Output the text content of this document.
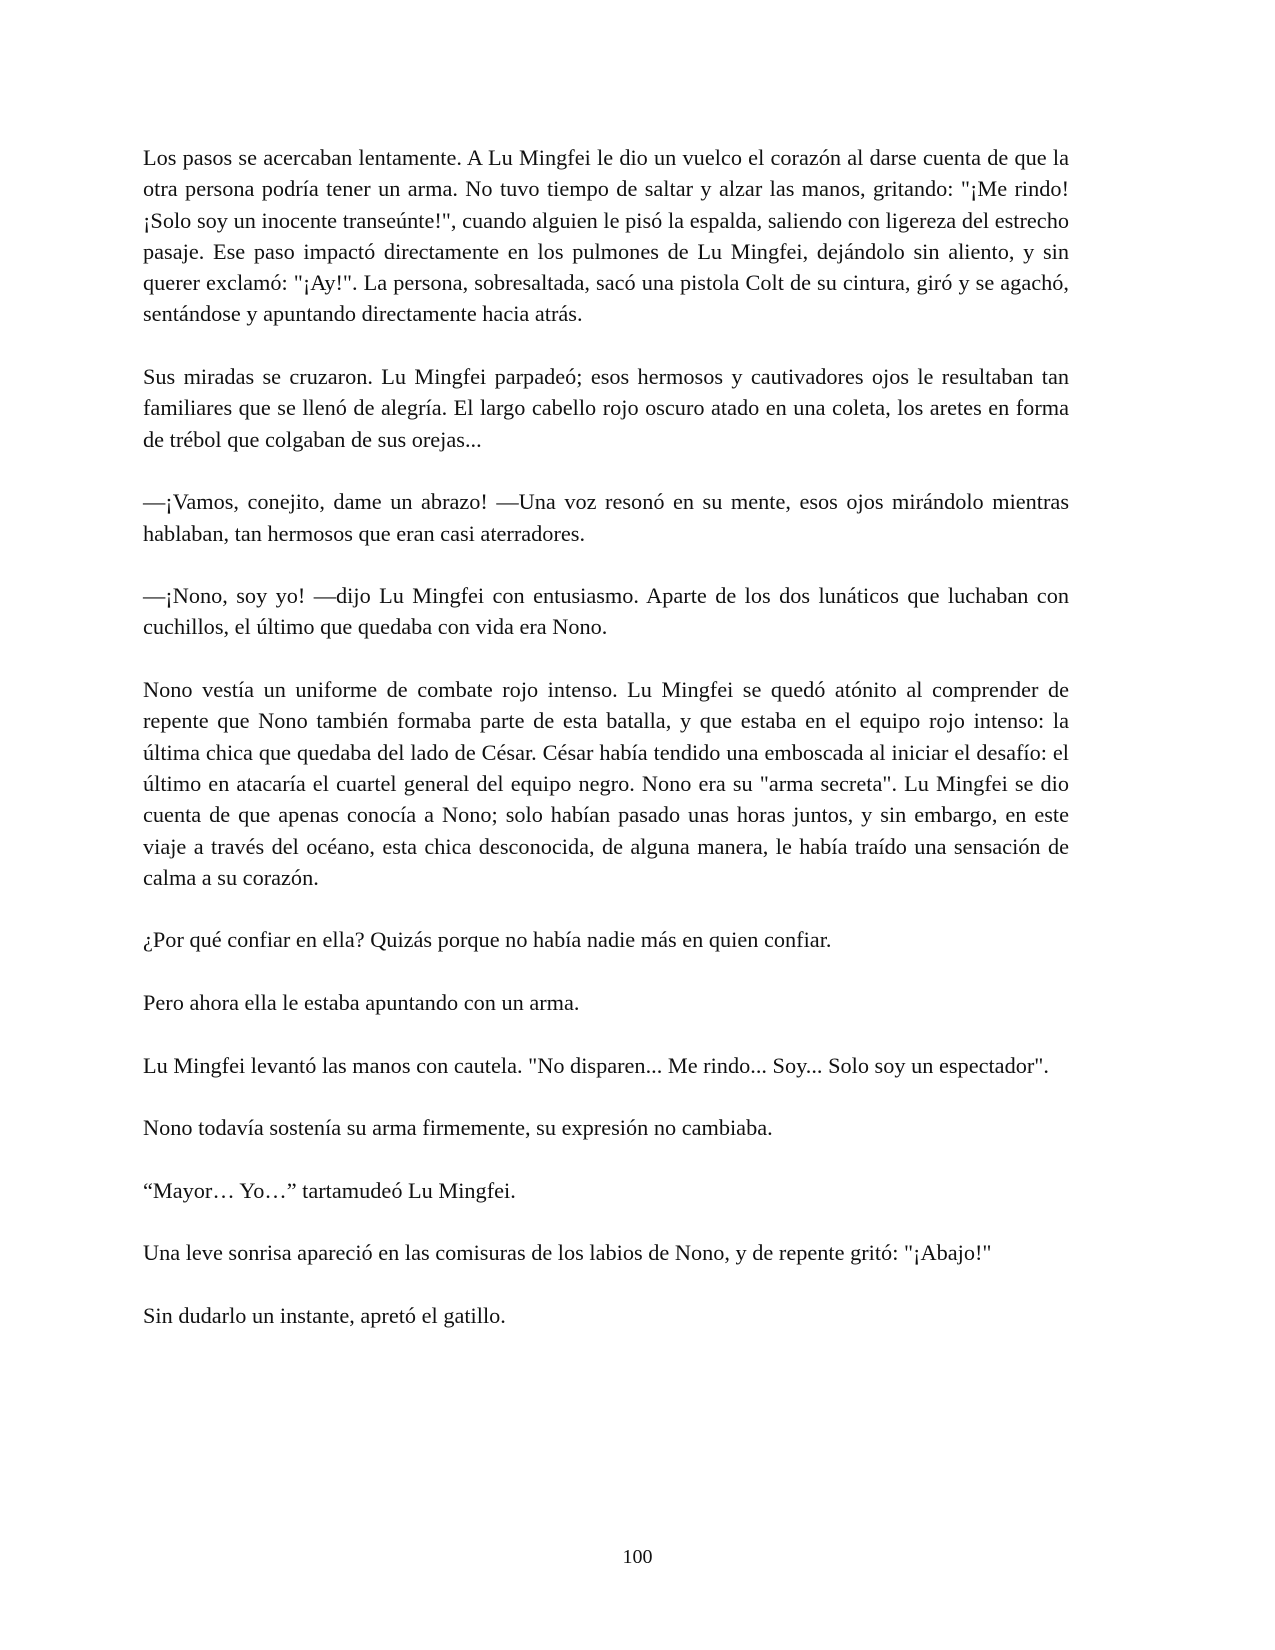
Los pasos se acercaban lentamente. A Lu Mingfei le dio un vuelco el corazón al darse cuenta de que la otra persona podría tener un arma. No tuvo tiempo de saltar y alzar las manos, gritando: "¡Me rindo! ¡Solo soy un inocente transeúnte!", cuando alguien le pisó la espalda, saliendo con ligereza del estrecho pasaje. Ese paso impactó directamente en los pulmones de Lu Mingfei, dejándolo sin aliento, y sin querer exclamó: "¡Ay!". La persona, sobresaltada, sacó una pistola Colt de su cintura, giró y se agachó, sentándose y apuntando directamente hacia atrás.

Sus miradas se cruzaron. Lu Mingfei parpadeó; esos hermosos y cautivadores ojos le resultaban tan familiares que se llenó de alegría. El largo cabello rojo oscuro atado en una coleta, los aretes en forma de trébol que colgaban de sus orejas...

—¡Vamos, conejito, dame un abrazo! —Una voz resonó en su mente, esos ojos mirándolo mientras hablaban, tan hermosos que eran casi aterradores.

—¡Nono, soy yo! —dijo Lu Mingfei con entusiasmo. Aparte de los dos lunáticos que luchaban con cuchillos, el último que quedaba con vida era Nono.

Nono vestía un uniforme de combate rojo intenso. Lu Mingfei se quedó atónito al comprender de repente que Nono también formaba parte de esta batalla, y que estaba en el equipo rojo intenso: la última chica que quedaba del lado de César. César había tendido una emboscada al iniciar el desafío: el último en atacaría el cuartel general del equipo negro. Nono era su "arma secreta". Lu Mingfei se dio cuenta de que apenas conocía a Nono; solo habían pasado unas horas juntos, y sin embargo, en este viaje a través del océano, esta chica desconocida, de alguna manera, le había traído una sensación de calma a su corazón.

¿Por qué confiar en ella? Quizás porque no había nadie más en quien confiar.

Pero ahora ella le estaba apuntando con un arma.

Lu Mingfei levantó las manos con cautela. "No disparen... Me rindo... Soy... Solo soy un espectador".

Nono todavía sostenía su arma firmemente, su expresión no cambiaba.

“Mayor… Yo…” tartamudeó Lu Mingfei.

Una leve sonrisa apareció en las comisuras de los labios de Nono, y de repente gritó: "¡Abajo!"

Sin dudarlo un instante, apretó el gatillo.

100
